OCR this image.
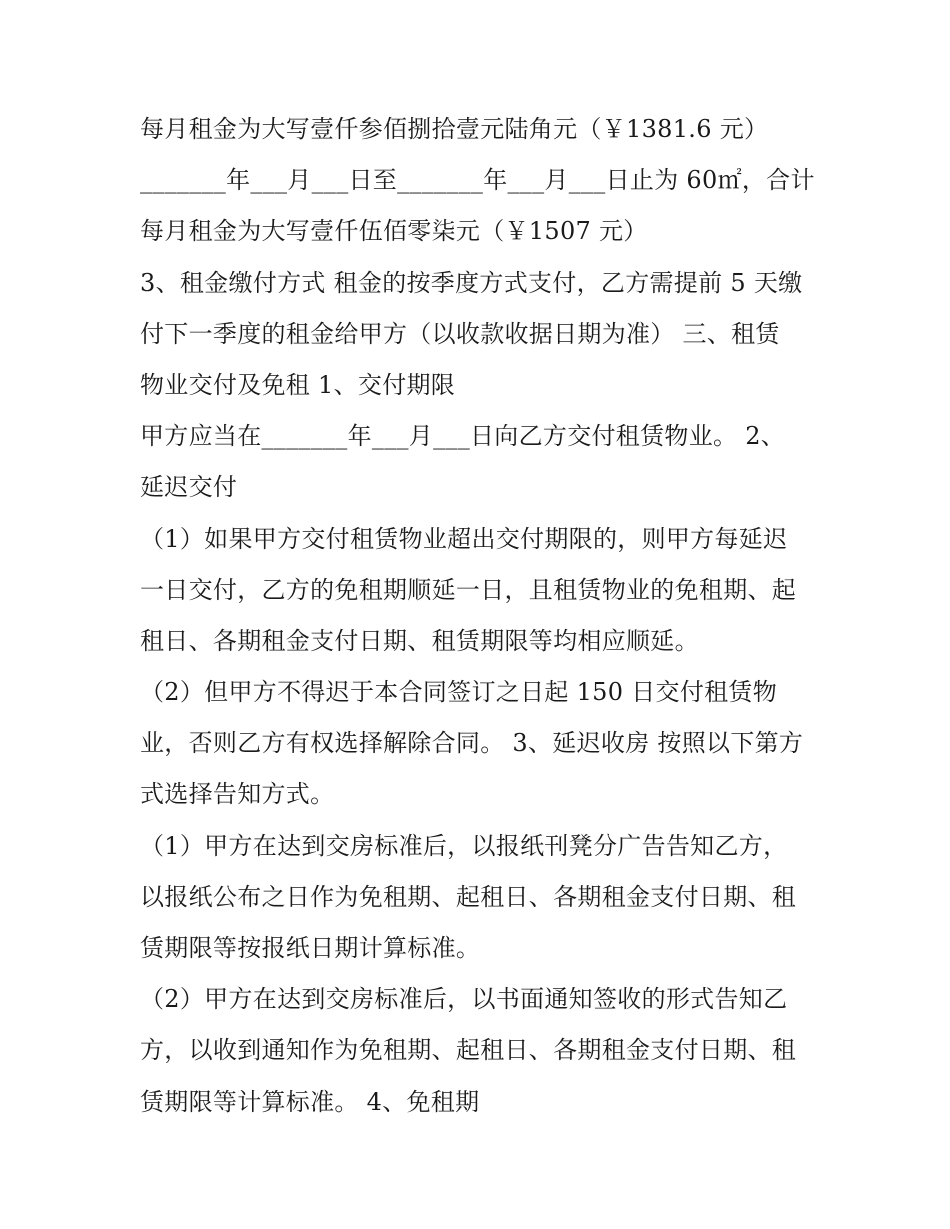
每月租金为大写壹仟参佰捌拾壹元陆角元（￥1381.6 元）
_______年___月___日至_______年___月___日止为 60㎡，合计
每月租金为大写壹仟伍佰零柒元（￥1507 元）
3、租金缴付方式 租金的按季度方式支付，乙方需提前 5 天缴
付下一季度的租金给甲方（以收款收据日期为准） 三、租赁
物业交付及免租 1、交付期限
甲方应当在_______年___月___日向乙方交付租赁物业。 2、
延迟交付
（1）如果甲方交付租赁物业超出交付期限的，则甲方每延迟
一日交付，乙方的免租期顺延一日，且租赁物业的免租期、起
租日、各期租金支付日期、租赁期限等均相应顺延。
（2）但甲方不得迟于本合同签订之日起 150 日交付租赁物
业，否则乙方有权选择解除合同。 3、延迟收房 按照以下第方
式选择告知方式。
（1）甲方在达到交房标准后，以报纸刊凳分广告告知乙方，
以报纸公布之日作为免租期、起租日、各期租金支付日期、租
赁期限等按报纸日期计算标准。
（2）甲方在达到交房标准后，以书面通知签收的形式告知乙
方，以收到通知作为免租期、起租日、各期租金支付日期、租
赁期限等计算标准。 4、免租期
